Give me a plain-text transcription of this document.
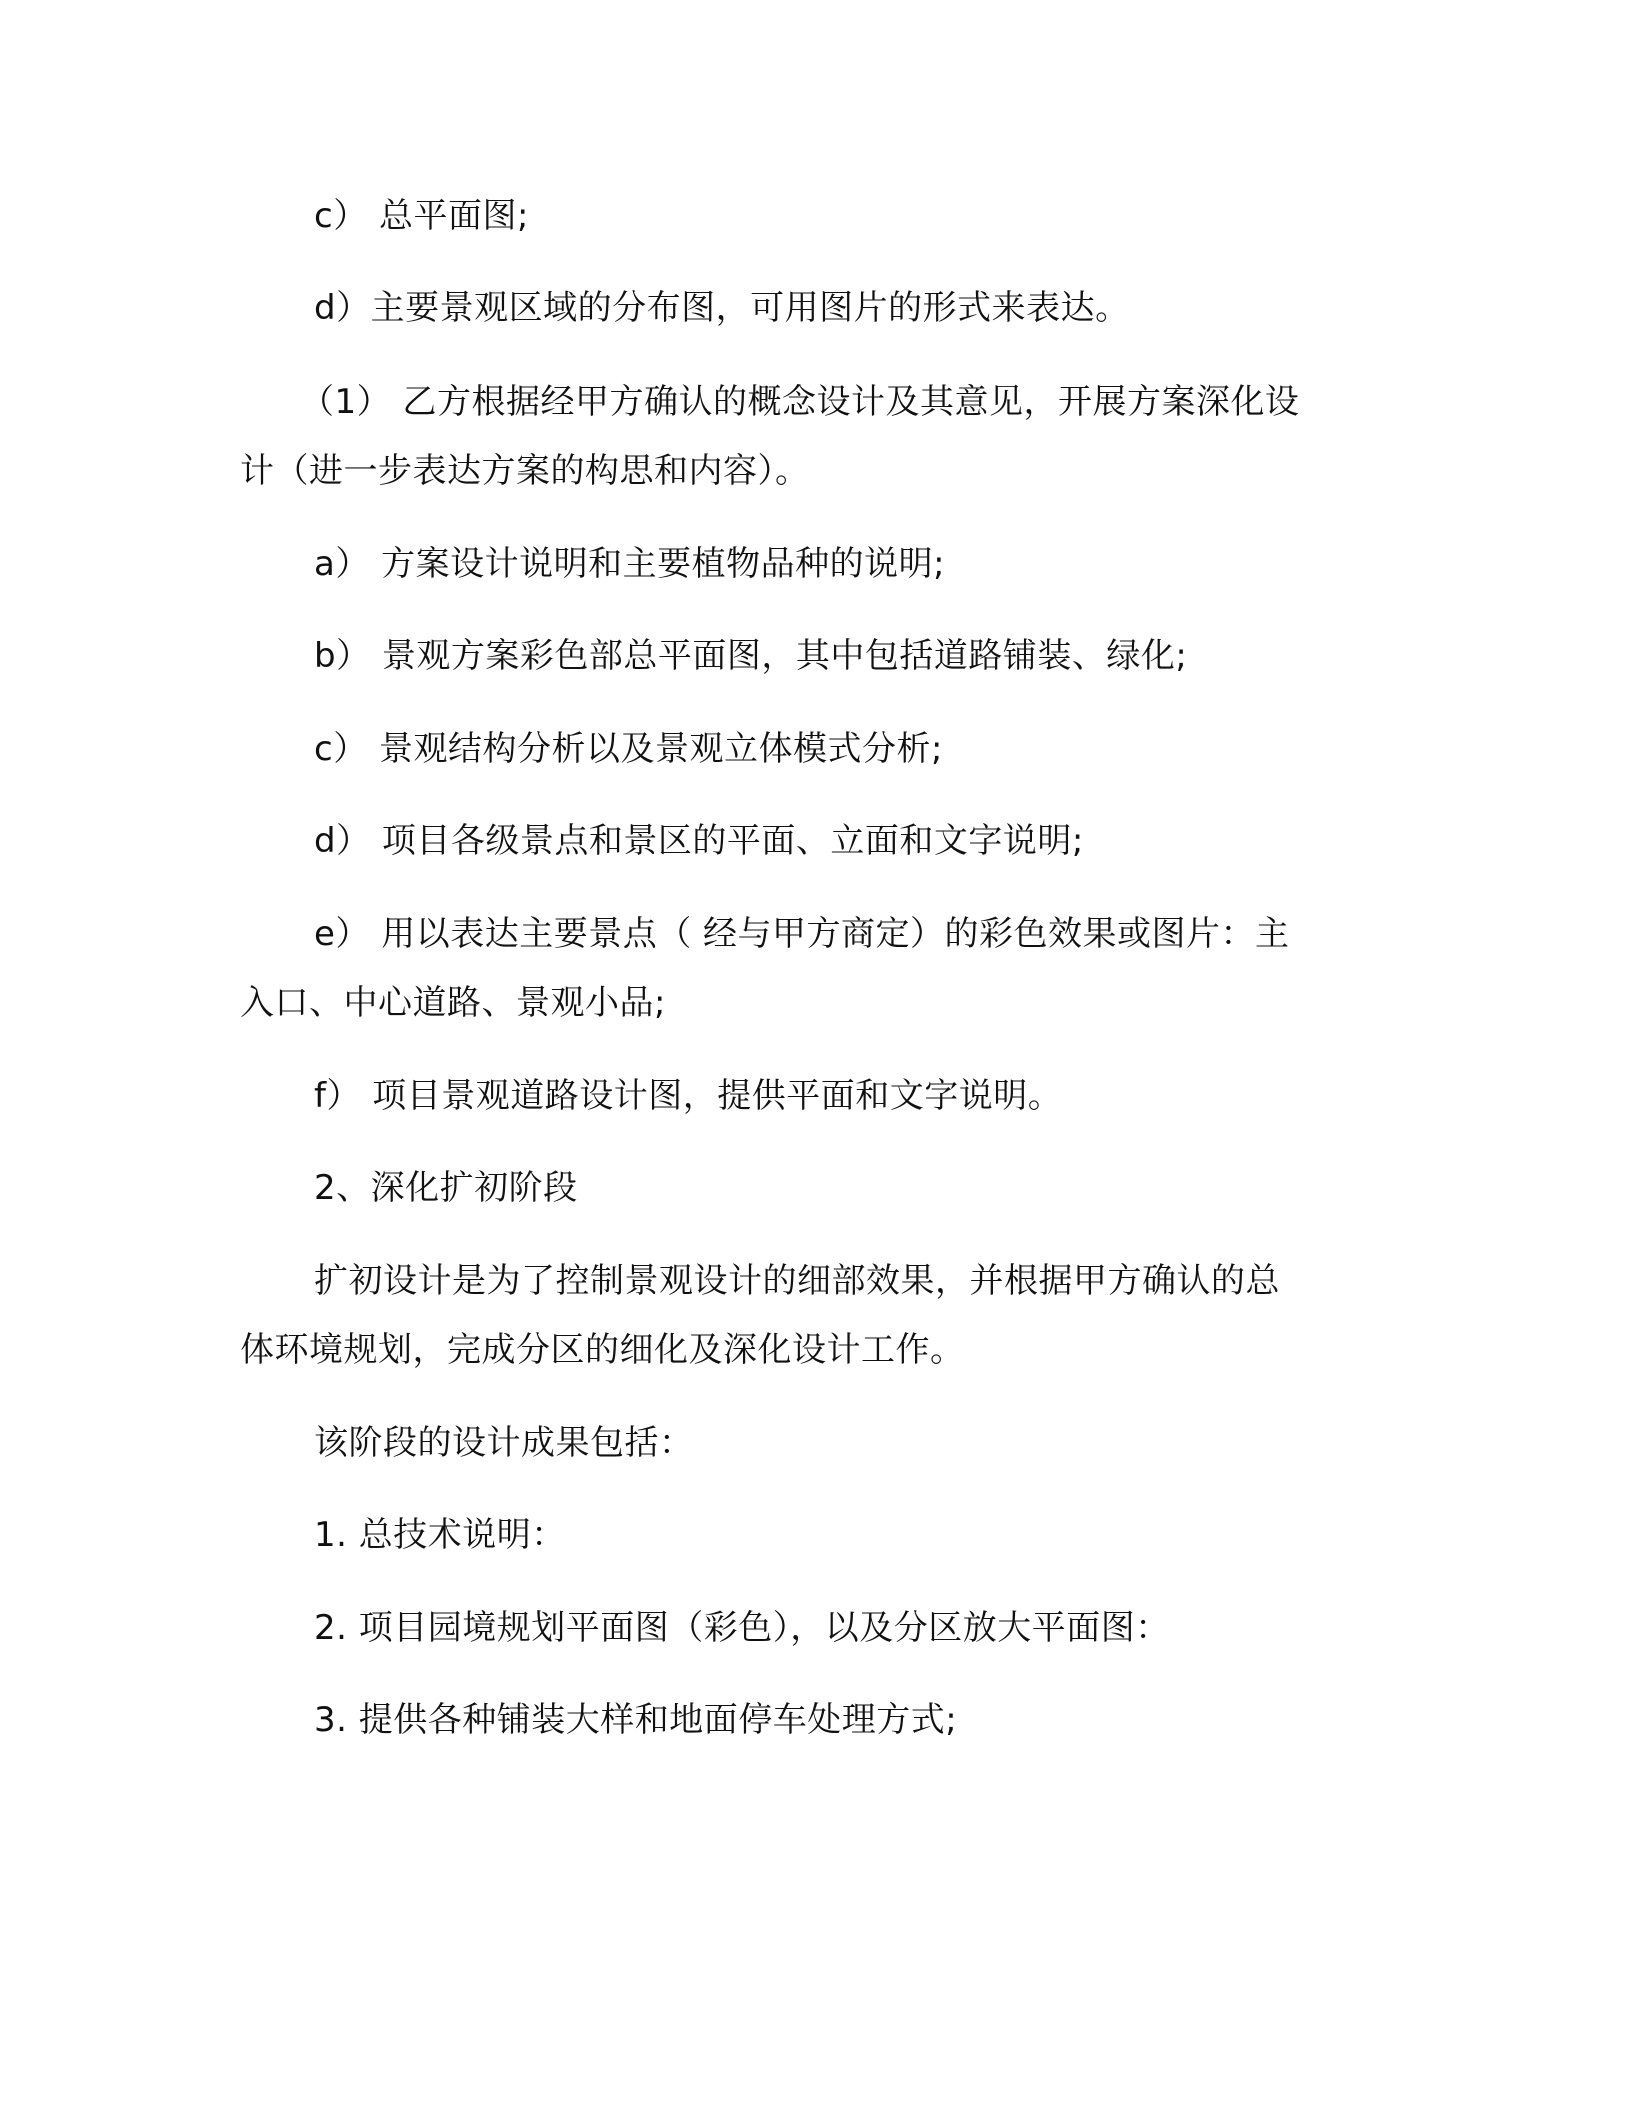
c） 总平面图;
d）主要景观区域的分布图，可用图片的形式来表达。
（1） 乙方根据经甲方确认的概念设计及其意见，开展方案深化设
计（进一步表达方案的构思和内容）。
a） 方案设计说明和主要植物品种的说明;
b） 景观方案彩色部总平面图，其中包括道路铺装、绿化;
c） 景观结构分析以及景观立体模式分析;
d） 项目各级景点和景区的平面、立面和文字说明;
e） 用以表达主要景点（ 经与甲方商定）的彩色效果或图片：主
入口、中心道路、景观小品;
f） 项目景观道路设计图，提供平面和文字说明。
2、深化扩初阶段
扩初设计是为了控制景观设计的细部效果，并根据甲方确认的总
体环境规划，完成分区的细化及深化设计工作。
该阶段的设计成果包括：
1. 总技术说明：
2. 项目园境规划平面图（彩色），以及分区放大平面图：
3. 提供各种铺装大样和地面停车处理方式;
